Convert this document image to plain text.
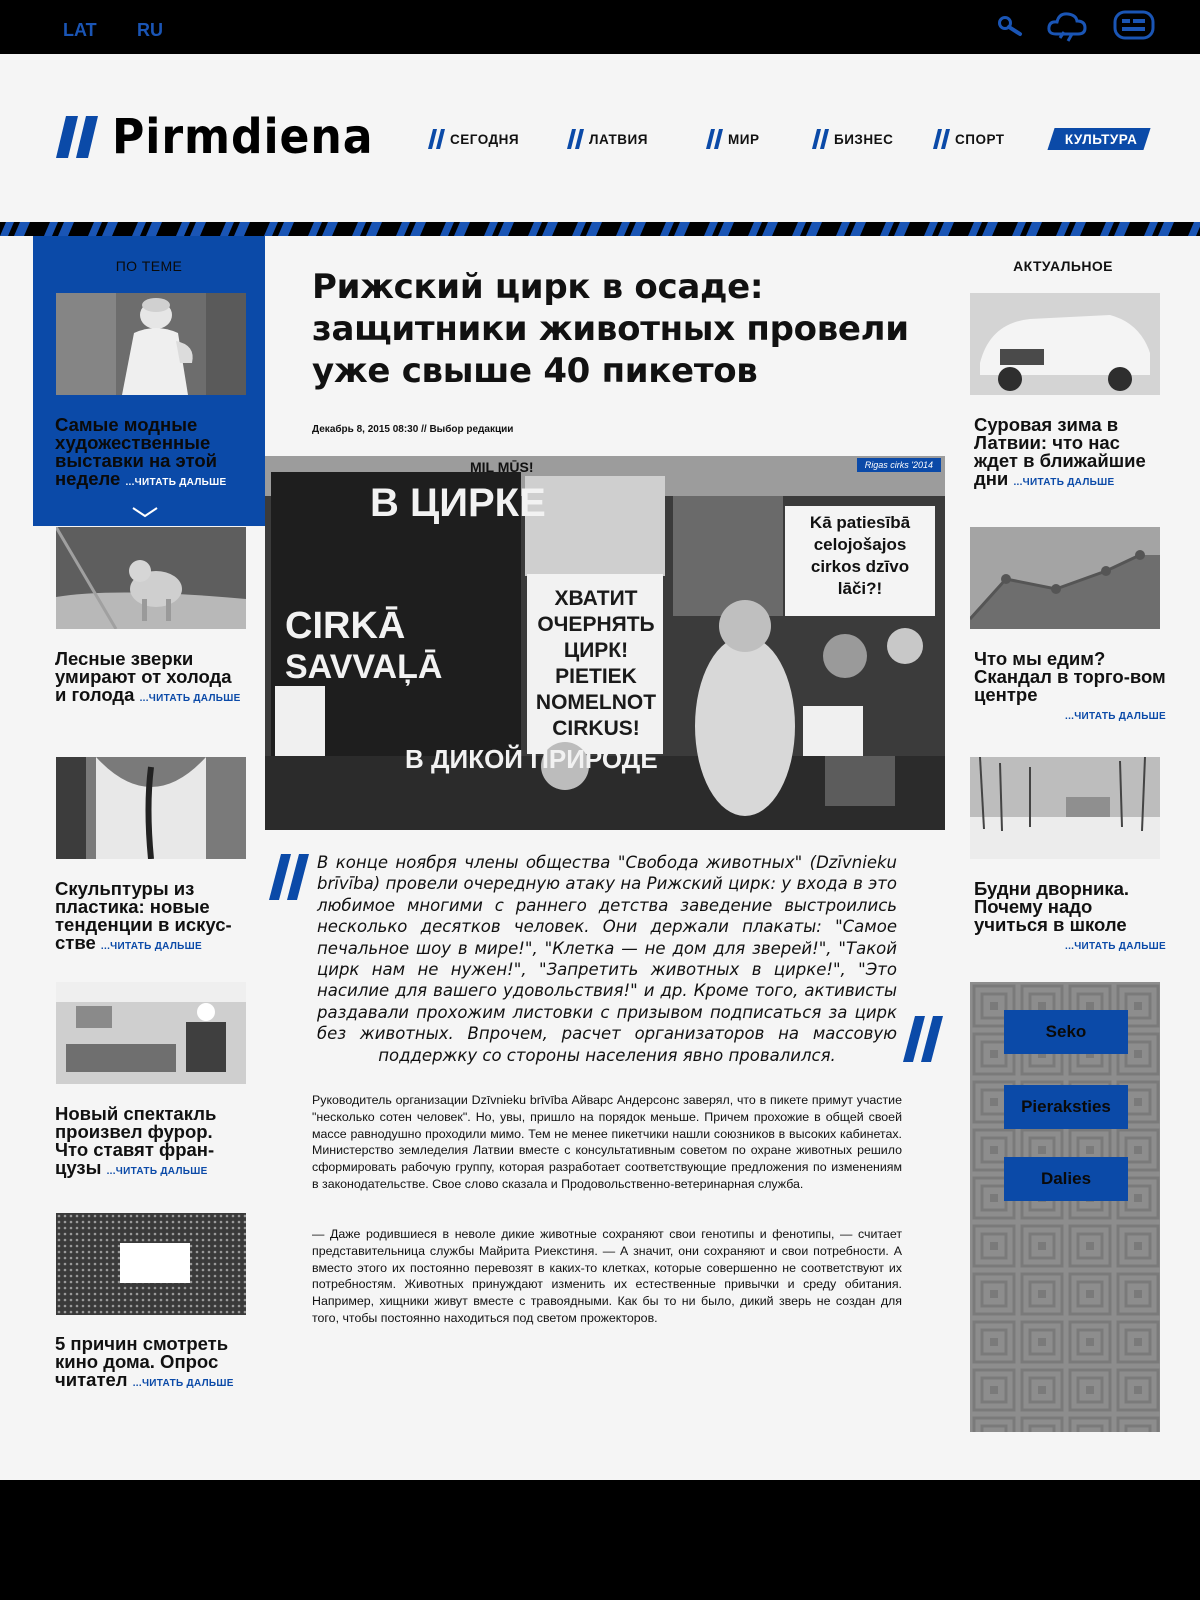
LAT RU
Pirmdiena	СЕГОДНЯ	ЛАТВИЯ	МИР	БИЗНЕС	СПОРТ	КУЛЬТУРА
ПО ТЕМЕ
Самые модные художественные выставки на этой неделе ...ЧИТАТЬ ДАЛЬШЕ
Лесные зверки умирают от холода и голода ...ЧИТАТЬ ДАЛЬШЕ
Скульптуры из пластика: новые тенденции в искус-стве ...ЧИТАТЬ ДАЛЬШЕ
Новый спектакль произвел фурор. Что ставят фран-цузы ...ЧИТАТЬ ДАЛЬШЕ
5 причин смотреть кино дома. Опрос читател ...ЧИТАТЬ ДАЛЬШЕ
Рижский цирк в осаде: защитники животных провели уже свыше 40 пикетов
Декабрь 8, 2015 08:30 // Выбор редакции
В ЦИРКЕ
MIL MŪS!
CIRKĀ
SAVVAĻĀ
В ДИКОЙ ПРИРОДЕ
ХВАТИТ ОЧЕРНЯТЬ ЦИРК!
PIETIEK NOMELNOT CIRKUS!
Kā patiesībā celojošajos cirkos dzīvo lāči?!
Rigas cirks '2014

В конце ноября члены общества "Свобода животных" (Dzīvnieku brīvība) провели очередную атаку на Рижский цирк: у входа в это любимое многими с раннего детства заведение выстроились несколько десятков человек. Они держали плакаты: "Самое печальное шоу в мире!", "Клетка — не дом для зверей!", "Такой цирк нам не нужен!", "Запретить животных в цирке!", "Это насилие для вашего удовольствия!" и др. Кроме того, активисты раздавали прохожим листовки с призывом подписаться за цирк без животных. Впрочем, расчет организаторов на массовую поддержку со стороны населения явно провалился.

Руководитель организации Dzīvnieku brīvība Айварс Андерсонс заверял, что в пикете примут участие "несколько сотен человек". Но, увы, пришло на порядок меньше. Причем прохожие в общей своей массе равнодушно проходили мимо. Тем не менее пикетчики нашли союзников в высоких кабинетах. Министерство земледелия Латвии вместе с консультативным советом по охране животных решило сформировать рабочую группу, которая разработает соответствующие предложения по изменениям в законодательстве. Свое слово сказала и Продовольственно-ветеринарная служба.

— Даже родившиеся в неволе дикие животные сохраняют свои генотипы и фенотипы, — считает представительница службы Майрита Риекстиня. — А значит, они сохраняют и свои потребности. А вместо этого их постоянно перевозят в каких-то клетках, которые совершенно не соответствуют их потребностям. Животных принуждают изменить их естественные привычки и среду обитания. Например, хищники живут вместе с травоядными. Как бы то ни было, дикий зверь не создан для того, чтобы постоянно находиться под светом прожекторов.

АКТУАЛЬНОЕ
Суровая зима в Латвии: что нас ждет в ближайшие дни ...ЧИТАТЬ ДАЛЬШЕ
Что мы едим? Скандал в торго-вом центре

...ЧИТАТЬ ДАЛЬШЕ
Будни дворника. Почему надо учиться в школе

...ЧИТАТЬ ДАЛЬШЕ
Seko
Pieraksties
Dalies
